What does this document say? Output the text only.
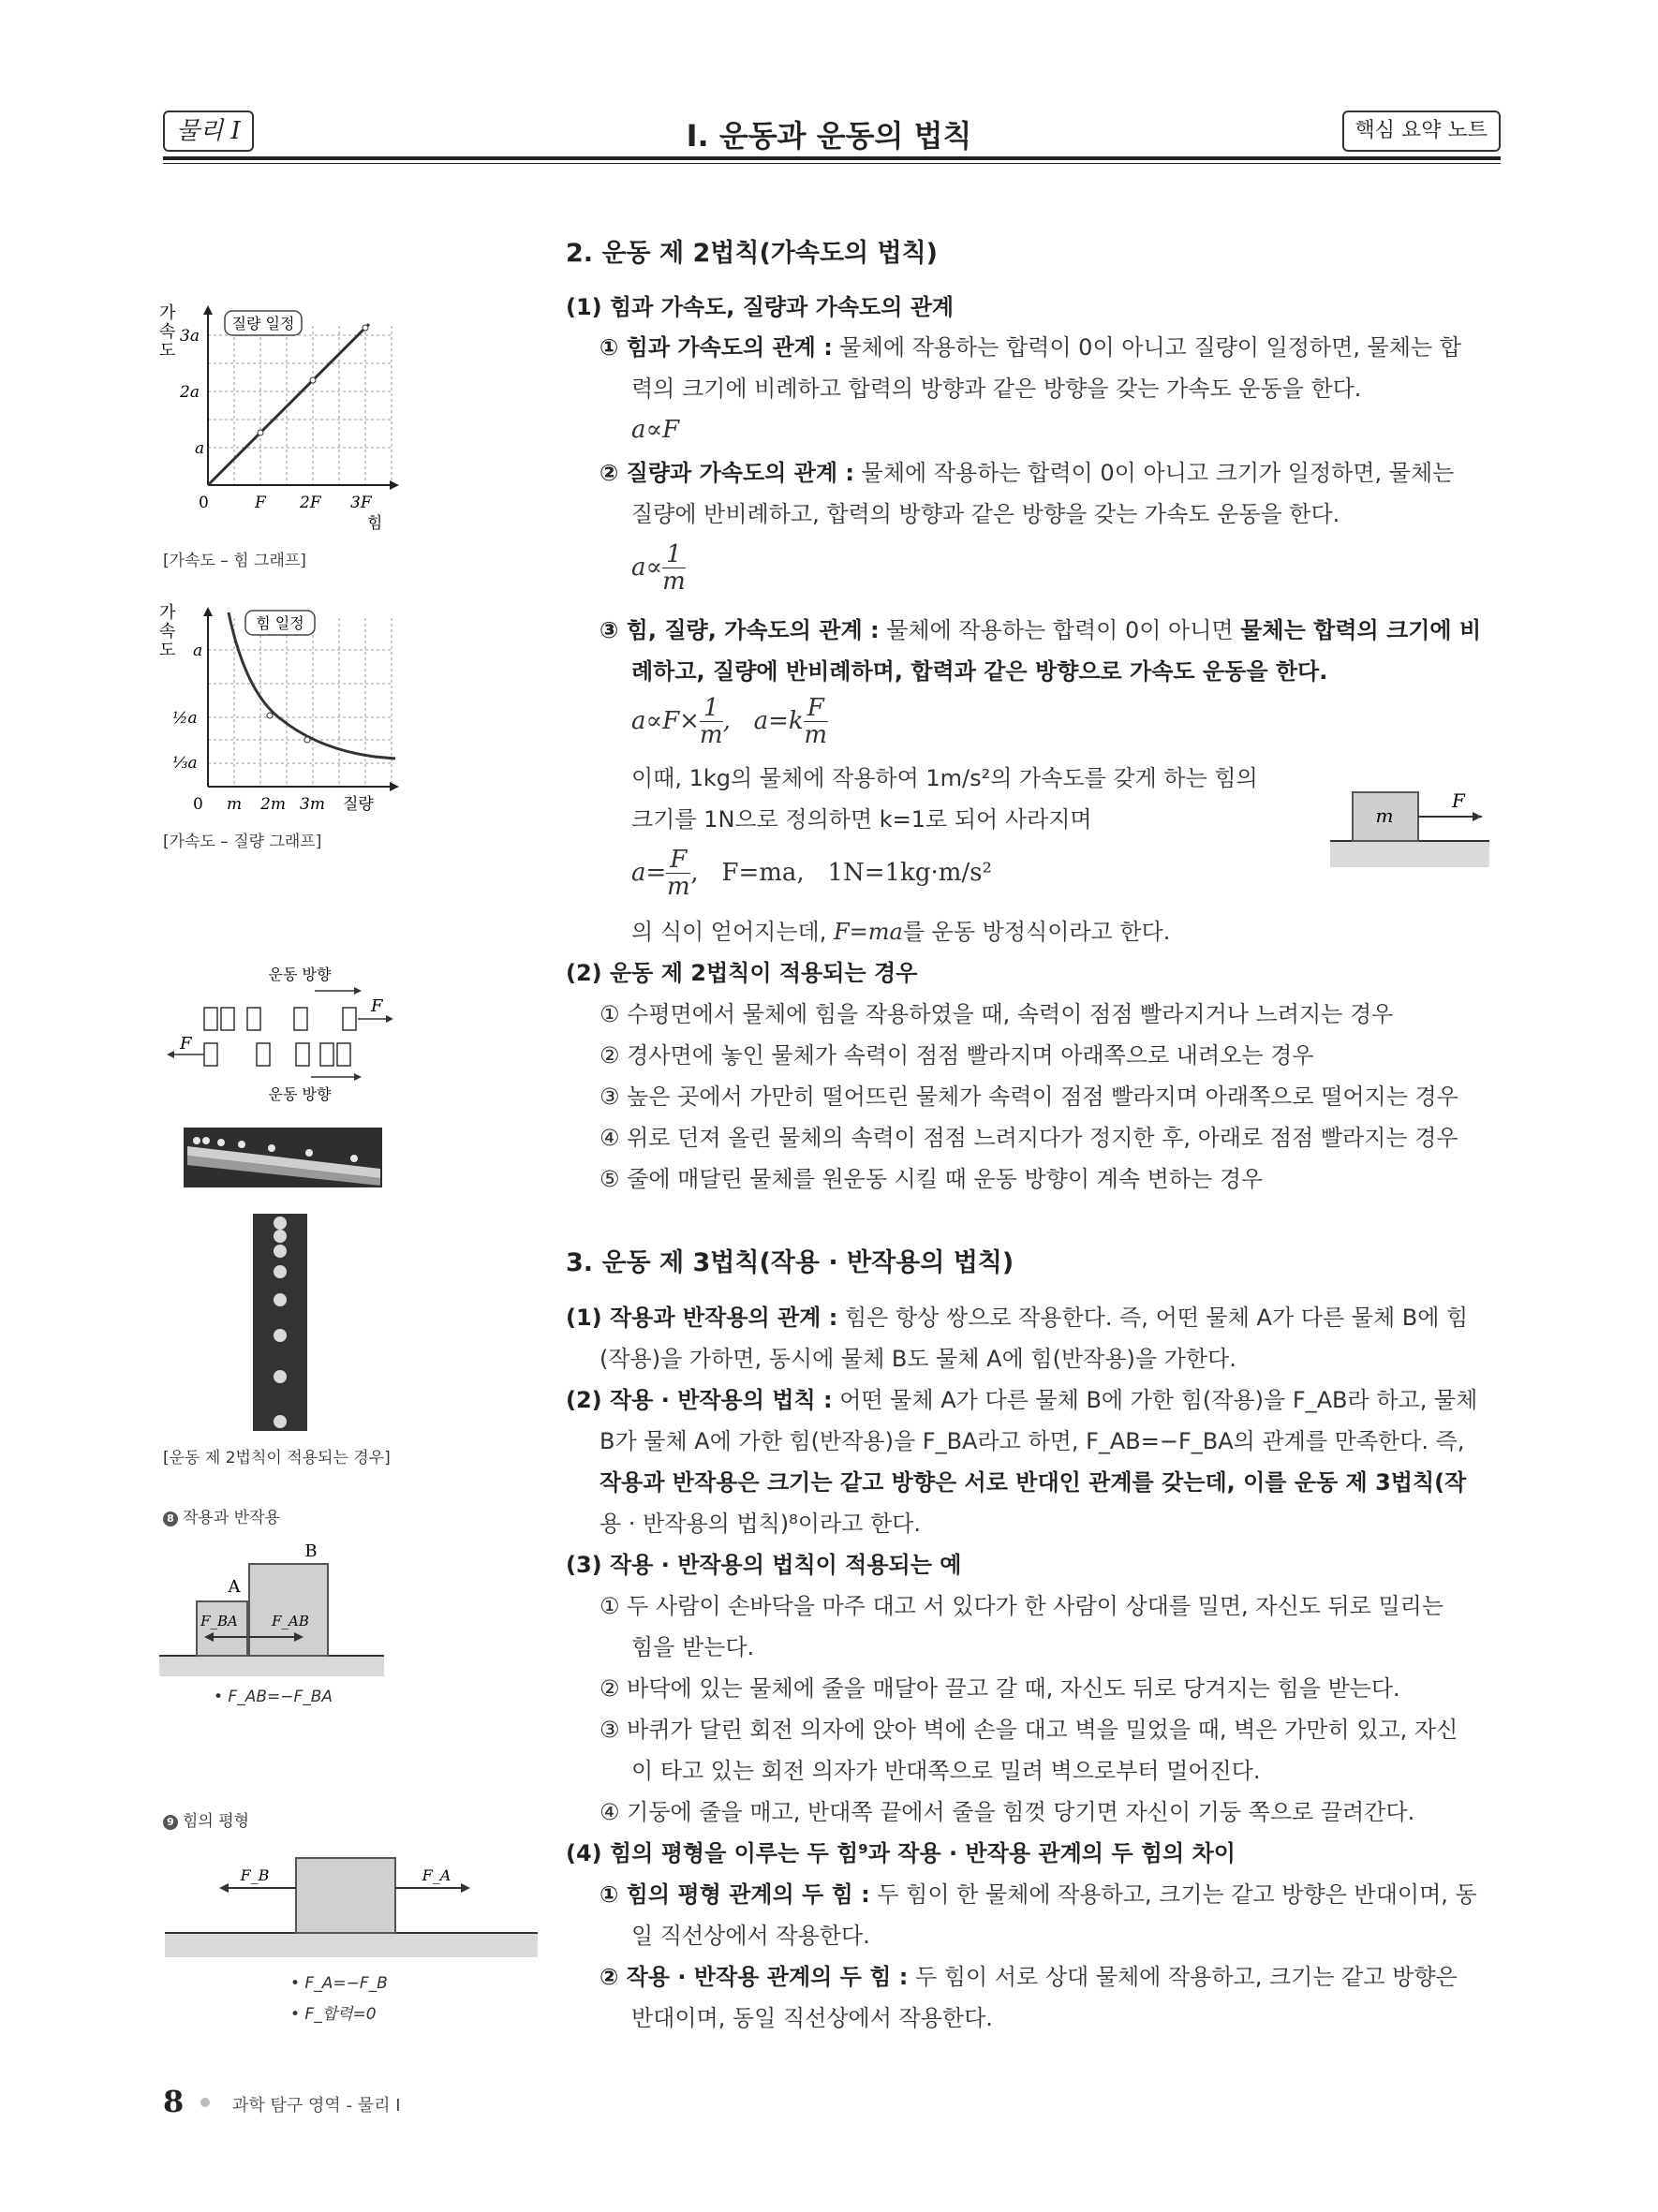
물리 I	I. 운동과 운동의 법칙	핵심 요약 노트
2. 운동 제 2법칙(가속도의 법칙)
(1) 힘과 가속도, 질량과 가속도의 관계
① 힘과 가속도의 관계 : 물체에 작용하는 합력이 0이 아니고 질량이 일정하면, 물체는 합
력의 크기에 비례하고 합력의 방향과 같은 방향을 갖는 가속도 운동을 한다.
a∝F
② 질량과 가속도의 관계 : 물체에 작용하는 합력이 0이 아니고 크기가 일정하면, 물체는
질량에 반비례하고, 합력의 방향과 같은 방향을 갖는 가속도 운동을 한다.
$a\propto \frac{1}{m}$
③ 힘, 질량, 가속도의 관계 : 물체에 작용하는 합력이 0이 아니면 물체는 합력의 크기에 비
례하고, 질량에 반비례하며, 합력과 같은 방향으로 가속도 운동을 한다.
$a\propto F\times \frac{1}{m}$ ,   $a=k \frac{F}{m}$
이때, 1kg의 물체에 작용하여 1m/s²의 가속도를 갖게 하는 힘의
크기를 1N으로 정의하면 k=1로 되어 사라지며
$a= \frac{F}{m}$ ,   F=ma,   1N=1kg·m/s²
의 식이 얻어지는데, F=ma를 운동 방정식이라고 한다.
m
F
(2) 운동 제 2법칙이 적용되는 경우
① 수평면에서 물체에 힘을 작용하였을 때, 속력이 점점 빨라지거나 느려지는 경우
② 경사면에 놓인 물체가 속력이 점점 빨라지며 아래쪽으로 내려오는 경우
③ 높은 곳에서 가만히 떨어뜨린 물체가 속력이 점점 빨라지며 아래쪽으로 떨어지는 경우
④ 위로 던져 올린 물체의 속력이 점점 느려지다가 정지한 후, 아래로 점점 빨라지는 경우
⑤ 줄에 매달린 물체를 원운동 시킬 때 운동 방향이 계속 변하는 경우
3. 운동 제 3법칙(작용 · 반작용의 법칙)
(1) 작용과 반작용의 관계 : 힘은 항상 쌍으로 작용한다. 즉, 어떤 물체 A가 다른 물체 B에 힘
(작용)을 가하면, 동시에 물체 B도 물체 A에 힘(반작용)을 가한다.
(2) 작용 · 반작용의 법칙 : 어떤 물체 A가 다른 물체 B에 가한 힘(작용)을 F_AB라 하고, 물체
B가 물체 A에 가한 힘(반작용)을 F_BA라고 하면, F_AB=−F_BA의 관계를 만족한다. 즉,
작용과 반작용은 크기는 같고 방향은 서로 반대인 관계를 갖는데, 이를 운동 제 3법칙(작
용 · 반작용의 법칙)⁸이라고 한다.
(3) 작용 · 반작용의 법칙이 적용되는 예
① 두 사람이 손바닥을 마주 대고 서 있다가 한 사람이 상대를 밀면, 자신도 뒤로 밀리는
힘을 받는다.
② 바닥에 있는 물체에 줄을 매달아 끌고 갈 때, 자신도 뒤로 당겨지는 힘을 받는다.
③ 바퀴가 달린 회전 의자에 앉아 벽에 손을 대고 벽을 밀었을 때, 벽은 가만히 있고, 자신
이 타고 있는 회전 의자가 반대쪽으로 밀려 벽으로부터 멀어진다.
④ 기둥에 줄을 매고, 반대쪽 끝에서 줄을 힘껏 당기면 자신이 기둥 쪽으로 끌려간다.
(4) 힘의 평형을 이루는 두 힘⁹과 작용 · 반작용 관계의 두 힘의 차이
① 힘의 평형 관계의 두 힘 : 두 힘이 한 물체에 작용하고, 크기는 같고 방향은 반대이며, 동
일 직선상에서 작용한다.
② 작용 · 반작용 관계의 두 힘 : 두 힘이 서로 상대 물체에 작용하고, 크기는 같고 방향은
반대이며, 동일 직선상에서 작용한다.
가
속
도
질량 일정
3a
2a
a
0	F 2F 3F
힘
[가속도 – 힘 그래프]
가
속
도
힘 일정
a
½a
⅓a
0 m 2m 3m 질량
[가속도 – 질량 그래프]
운동 방향
F
F
운동 방향
[운동 제 2법칙이 적용되는 경우]
8 작용과 반작용
A
B
F_BA F_AB
• F_AB=−F_BA
9 힘의 평형
F_B	F_A
• F_A=−F_B
• F_합력=0
8	과학 탐구 영역 - 물리 I
